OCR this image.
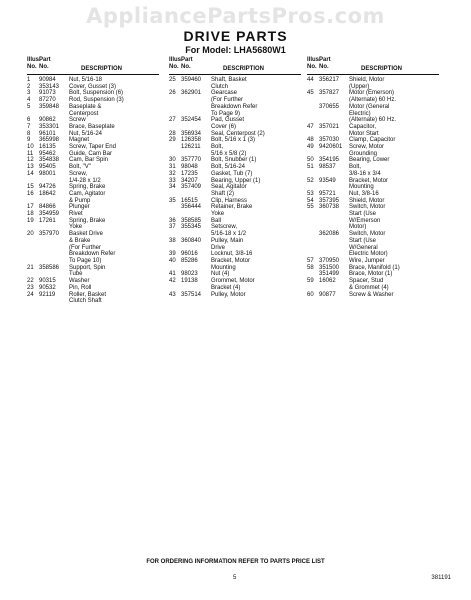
AppliancePartsPros.com
DRIVE PARTS
For Model: LHA5680W1
Illus.
No.
Part
No.	DESCRIPTION
1	90984	Nut, 5/16-18
2	353143	Cover, Gusset (3)
3	91073	Bolt, Suspension (6)
4	87270	Rod, Suspension (3)
5	359848	Baseplate &
Centerpost
6	90862	Screw
7	353301	Brace, Baseplate
8	96101	Nut, 5/16-24
9	365998	Magnet
10 16135	Screw, Taper End
11 95462	Guide, Cam Bar
12 354838	Cam, Bar Spin
13 95405	Bolt, "V"
14 98001	Screw,
1/4-28 x 1/2
15 94726	Spring, Brake
16 18642	Cam, Agitator
& Pump
17 84866	Plunger
18 354959	Rivet
19 17261	Spring, Brake
Yoke
20 357970	Basket Drive
& Brake
(For Further
Breakdown Refer
To Page 10)
21 358586	Support, Spin
Tube
22 90315	Washer
23 90532	Pin, Roll
24 92119	Roller, Basket
Clutch Shaft
Illus.
No.
Part
No.	DESCRIPTION
25 359460	Shaft, Basket
Clutch
26 362901	Gearcase
(For Further
Breakdown Refer
To Page 9)
27 352454	Pad, Gusset
Cover (6)
28 356934	Seal, Centerpost (2)
29 126358	Bolt, 5/16 x 1 (3)
126211	Bolt,
5/16 x 5/8 (2)
30 357770	Bolt, Snubber (1)
31 98048	Bolt, 5/16-24
32 17235	Gasket, Tub (7)
33 34207	Bearing, Upper (1)
34 357409	Seal, Agitator
Shaft (2)
35 16515	Clip, Harness
356444	Retainer, Brake
Yoke
36 358585	Ball
37 355345	Setscrew,
5/16-18 x 1/2
38 360840	Pulley, Main
Drive
39 96016	Locknut, 3/8-16
40 85286	Bracket, Motor
Mounting
41 98023	Nut (4)
42 19138	Grommet, Motor
Bracket (4)
43 357514	Pulley, Motor
Illus.
No.
Part
No.	DESCRIPTION
44 356217	Shield, Motor
(Upper)
45 357827	Motor (Emerson)
(Alternate) 60 Hz.
370655	Motor (General
Electric)
(Alternate) 60 Hz.
47 357021	Capacitor,
Motor Start
48 357030	Clamp, Capacitor
49 9420601	Screw, Motor
Grounding
50 354195	Bearing, Lower
51 98537	Bolt,
3/8-16 x 3/4
52 93549	Bracket, Motor
Mounting
53 95721	Nut, 3/8-16
54 357395	Shield, Motor
55 360738	Switch, Motor
Start (Use
W/Emerson
Motor)
362086	Switch, Motor
Start (Use
W/General
Electric Motor)
57 370950	Wire, Jumper
58 351500	Brace, Manifold (1)
351499	Brace, Motor (1)
59 16062	Spacer, Stud
& Grommet (4)
60 90877	Screw & Washer
FOR ORDERING INFORMATION REFER TO PARTS PRICE LIST
5	381191
